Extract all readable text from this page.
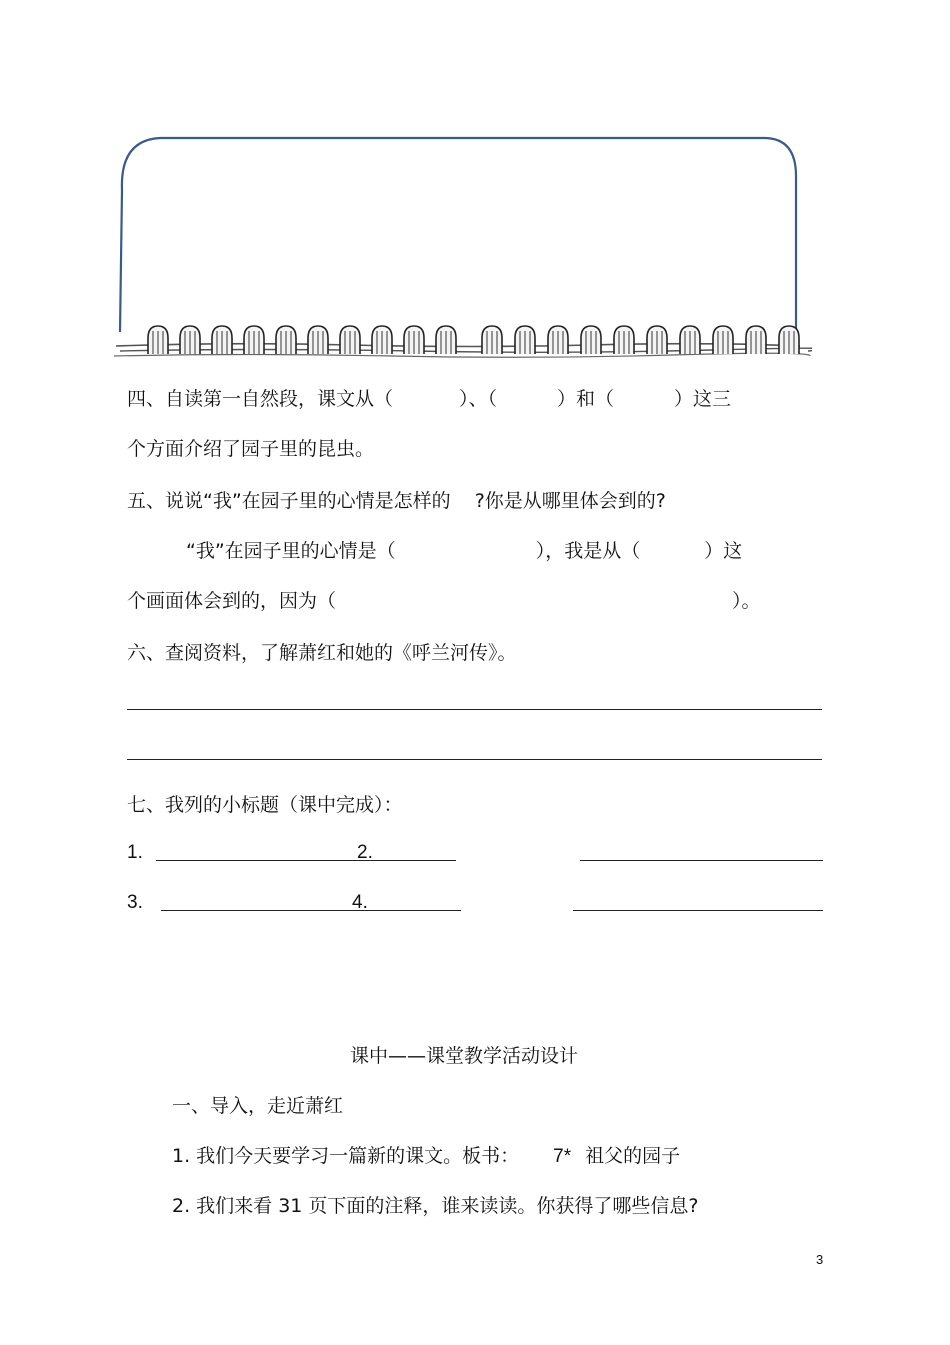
四、自读第一自然段，课文从（	）、（	）和（	）这三
个方面介绍了园子里的昆虫。
五、说说“我”在园子里的心情是怎样的 ?你是从哪里体会到的?
“我”在园子里的心情是（	），我是从（	）这
个画面体会到的，因为（	）。
六、查阅资料，了解萧红和她的《呼兰河传》。
七、我列的小标题（课中完成）：
1.	2.
3.	4.
课中——课堂教学活动设计
一、导入，走近萧红
1. 我们今天要学习一篇新的课文。板书： 7* 祖父的园子
2. 我们来看 31 页下面的注释，谁来读读。你获得了哪些信息?
3
